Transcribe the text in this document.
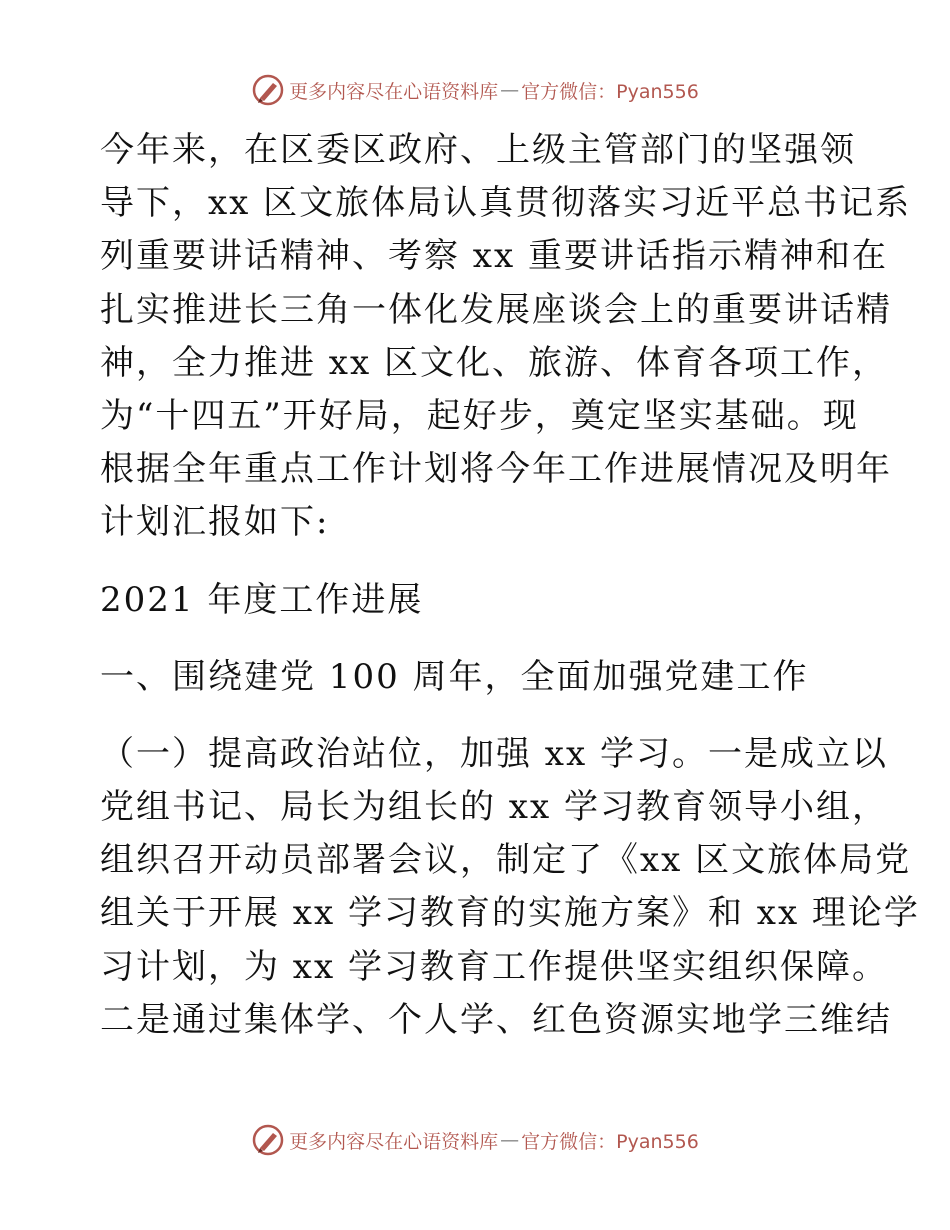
更多内容尽在心语资料库 — 官方微信：Pyan556
今年来，在区委区政府、上级主管部门的坚强领
导下，xx 区文旅体局认真贯彻落实习近平总书记系
列重要讲话精神、考察 xx 重要讲话指示精神和在
扎实推进长三角一体化发展座谈会上的重要讲话精
神，全力推进 xx 区文化、旅游、体育各项工作，
为“十四五”开好局，起好步，奠定坚实基础。现
根据全年重点工作计划将今年工作进展情况及明年
计划汇报如下:
2021 年度工作进展
一、围绕建党 100 周年，全面加强党建工作
（一）提高政治站位，加强 xx 学习。一是成立以
党组书记、局长为组长的 xx 学习教育领导小组，
组织召开动员部署会议，制定了《xx 区文旅体局党
组关于开展 xx 学习教育的实施方案》和 xx 理论学
习计划，为 xx 学习教育工作提供坚实组织保障。
二是通过集体学、个人学、红色资源实地学三维结
更多内容尽在心语资料库 — 官方微信：Pyan556
